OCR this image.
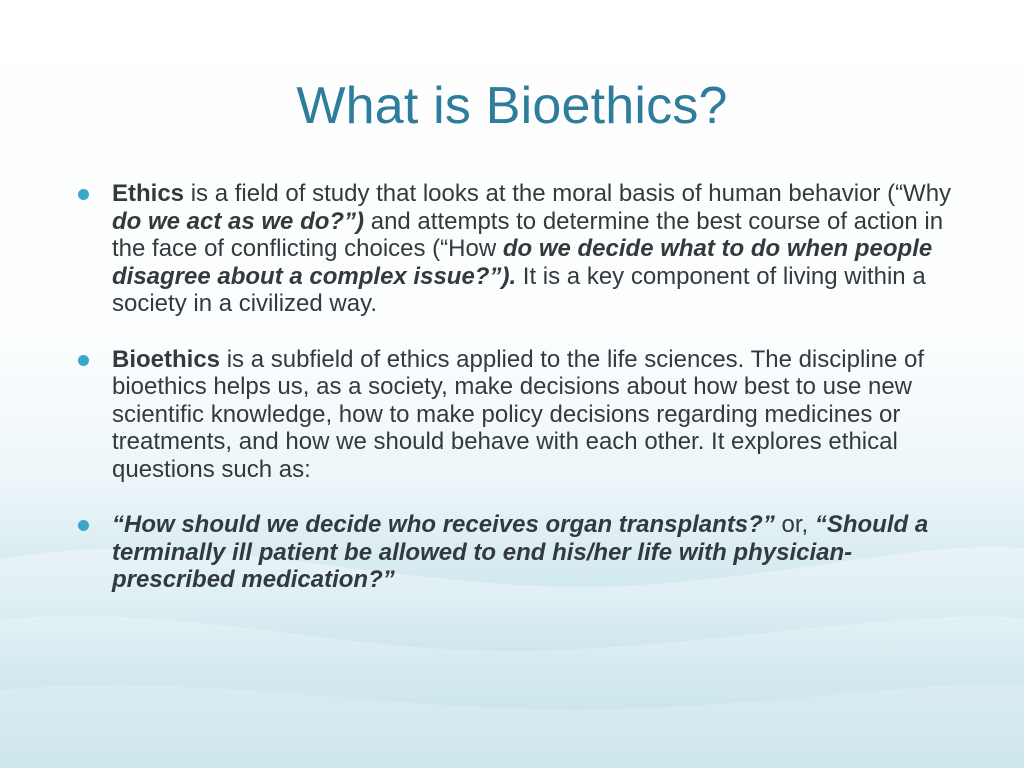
What is Bioethics?
Ethics is a field of study that looks at the moral basis of human behavior (“Why do we act as we do?”) and attempts to determine the best course of action in the face of conflicting choices (“How do we decide what to do when people disagree about a complex issue?”). It is a key component of living within a society in a civilized way.
Bioethics is a subfield of ethics applied to the life sciences. The discipline of bioethics helps us, as a society, make decisions about how best to use new scientific knowledge, how to make policy decisions regarding medicines or treatments, and how we should behave with each other. It explores ethical questions such as:
“How should we decide who receives organ transplants?” or, “Should a terminally ill patient be allowed to end his/her life with physician-prescribed medication?”
